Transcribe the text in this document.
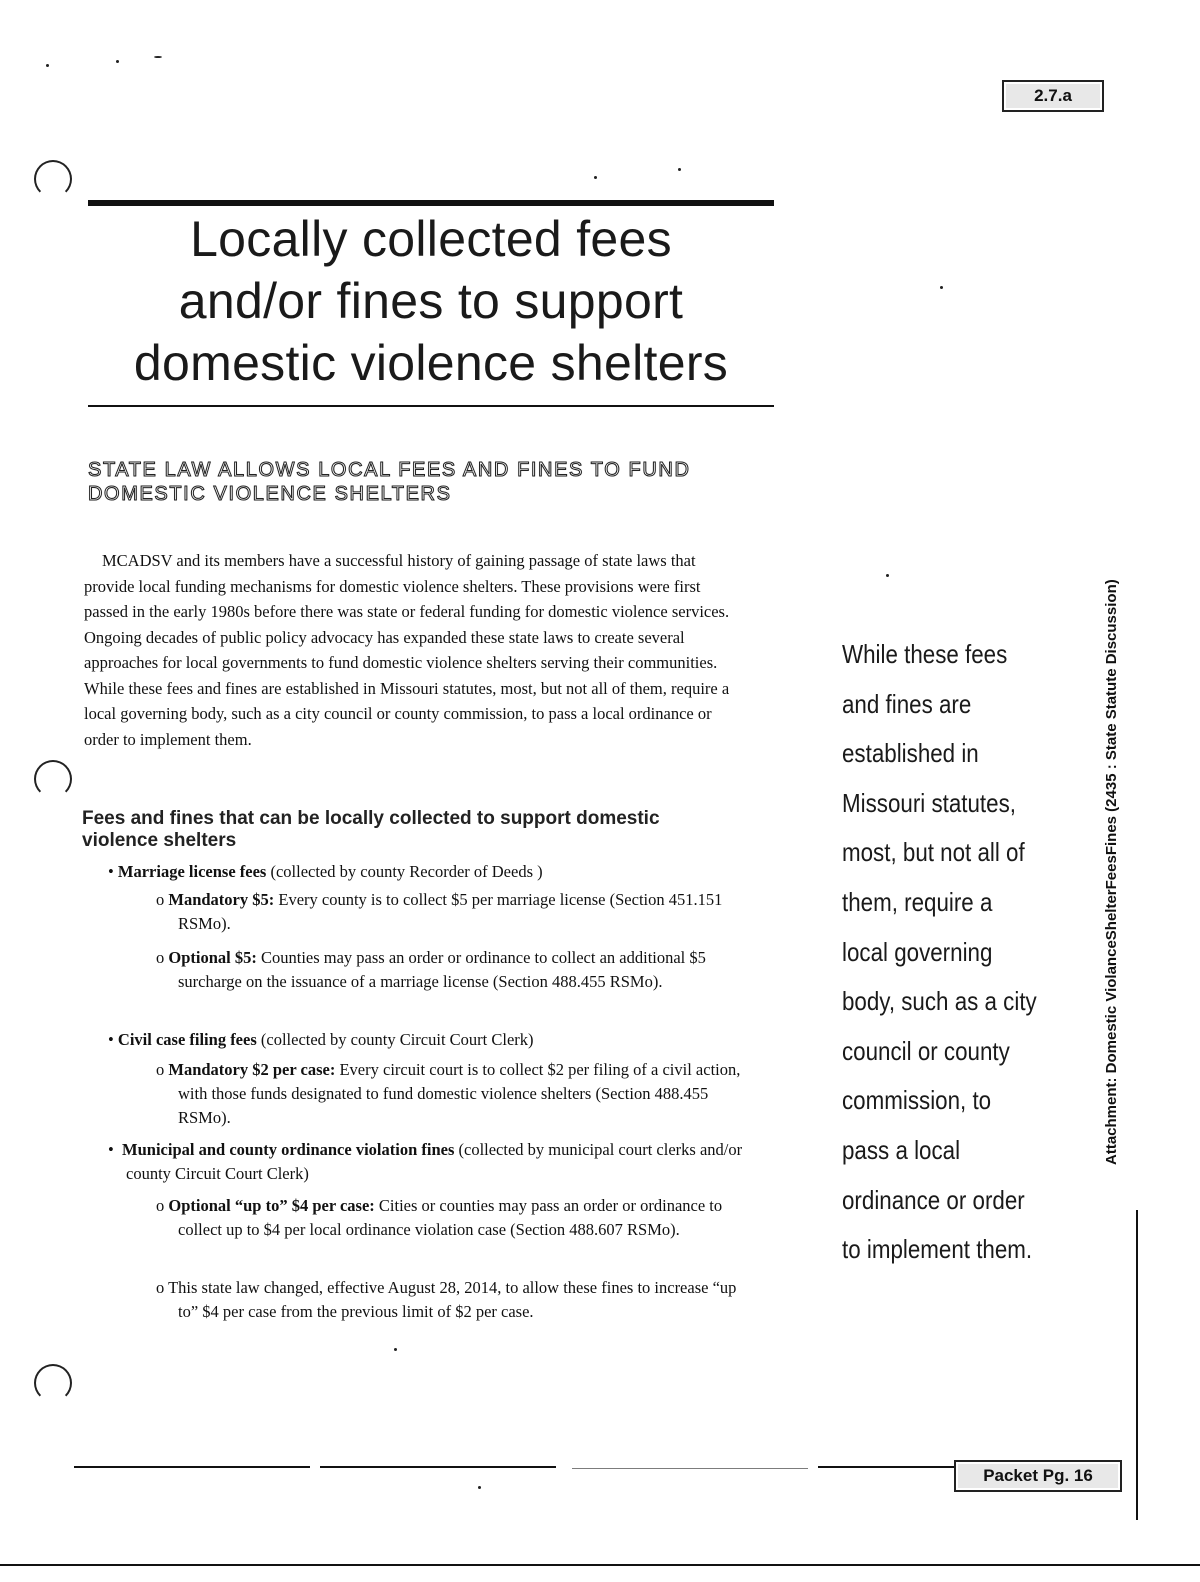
2.7.a
Locally collected fees
and/or fines to support
domestic violence shelters
STATE LAW ALLOWS LOCAL FEES AND FINES TO FUND
DOMESTIC VIOLENCE SHELTERS
MCADSV and its members have a successful history of gaining passage of state laws that provide local funding mechanisms for domestic violence shelters. These provisions were first passed in the early 1980s before there was state or federal funding for domestic violence services. Ongoing decades of public policy advocacy has expanded these state laws to create several approaches for local governments to fund domestic violence shelters serving their communities. While these fees and fines are established in Missouri statutes, most, but not all of them, require a local governing body, such as a city council or county commission, to pass a local ordinance or order to implement them.
Fees and fines that can be locally collected to support domestic violence shelters
• Marriage license fees (collected by county Recorder of Deeds )
o Mandatory $5: Every county is to collect $5 per marriage license (Section 451.151 RSMo).
o Optional $5: Counties may pass an order or ordinance to collect an additional $5 surcharge on the issuance of a marriage license (Section 488.455 RSMo).
• Civil case filing fees (collected by county Circuit Court Clerk)
o Mandatory $2 per case: Every circuit court is to collect $2 per filing of a civil action, with those funds designated to fund domestic violence shelters (Section 488.455 RSMo).
• Municipal and county ordinance violation fines (collected by municipal court clerks and/or county Circuit Court Clerk)
o Optional “up to” $4 per case: Cities or counties may pass an order or ordinance to collect up to $4 per local ordinance violation case (Section 488.607 RSMo).
o This state law changed, effective August 28, 2014, to allow these fines to increase “up to” $4 per case from the previous limit of $2 per case.
While these fees and fines are established in Missouri statutes, most, but not all of them, require a local governing body, such as a city council or county commission, to pass a local ordinance or order to implement them.
Attachment: Domestic ViolanceShelterFeesFines (2435 : State Statute Discussion)
Packet Pg. 16
